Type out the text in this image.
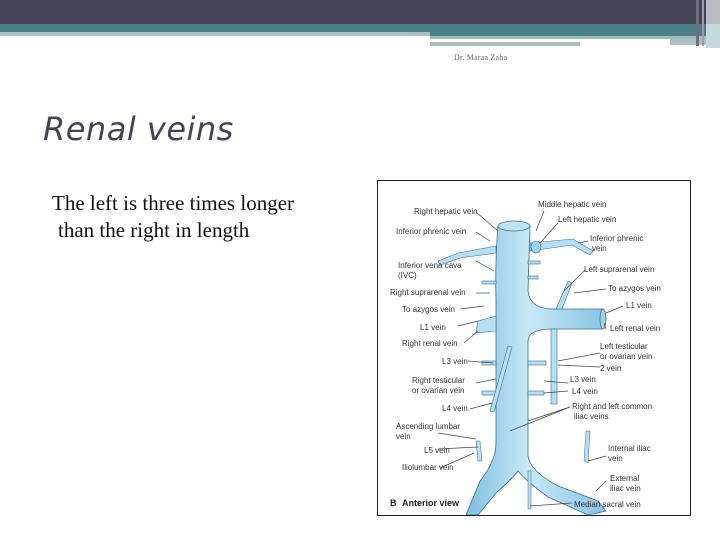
Dr. Maraa Zaha
Renal veins
The left is three times longer
than the right in length
Right hepatic vein
Inferior phrenic vein
Inferior vena cava
(IVC)
Right suprarenal vein
To azygos vein
L1 vein
Right renal vein
L3 vein
Right testicular
or ovarian vein
L4 vein
Ascending lumbar
vein
L5 vein
Iliolumbar vein
Middle hepatic vein
Left hepatic vein
Inferior phrenic
vein
Left suprarenal vein
To azygos vein
L1 vein
Left renal vein
Left testicular
or ovarian vein
2 vein
L3 vein
L4 vein
Right and left common
iliac veins
Internal iliac
vein
External
iliac vein
Median sacral vein
B Anterior view
